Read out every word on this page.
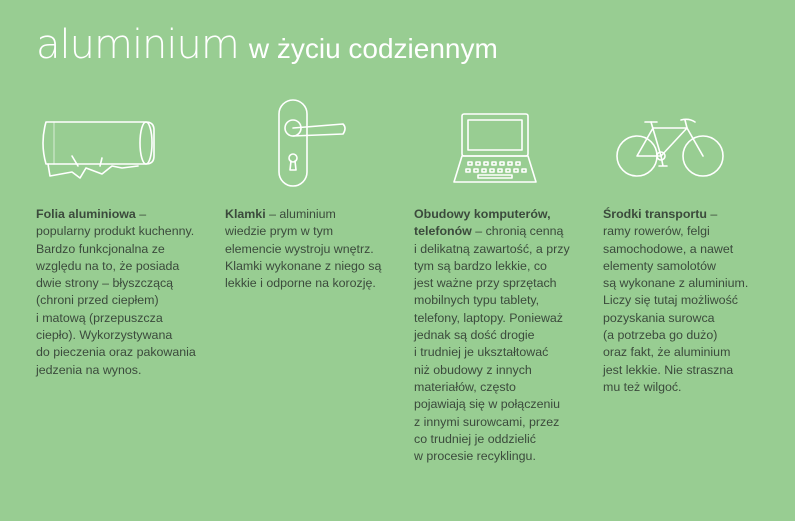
aluminium w życiu codziennym
Folia aluminiowa –
popularny produkt kuchenny.
Bardzo funkcjonalna ze
względu na to, że posiada
dwie strony – błyszczącą
(chroni przed ciepłem)
i matową (przepuszcza
ciepło). Wykorzystywana
do pieczenia oraz pakowania
jedzenia na wynos.
Klamki – aluminium
wiedzie prym w tym
elemencie wystroju wnętrz.
Klamki wykonane z niego są
lekkie i odporne na korozję.
Obudowy komputerów,
telefonów – chronią cenną
i delikatną zawartość, a przy
tym są bardzo lekkie, co
jest ważne przy sprzętach
mobilnych typu tablety,
telefony, laptopy. Ponieważ
jednak są dość drogie
i trudniej je ukształtować
niż obudowy z innych
materiałów, często
pojawiają się w połączeniu
z innymi surowcami, przez
co trudniej je oddzielić
w procesie recyklingu.
Środki transportu –
ramy rowerów, felgi
samochodowe, a nawet
elementy samolotów
są wykonane z aluminium.
Liczy się tutaj możliwość
pozyskania surowca
(a potrzeba go dużo)
oraz fakt, że aluminium
jest lekkie. Nie straszna
mu też wilgoć.
